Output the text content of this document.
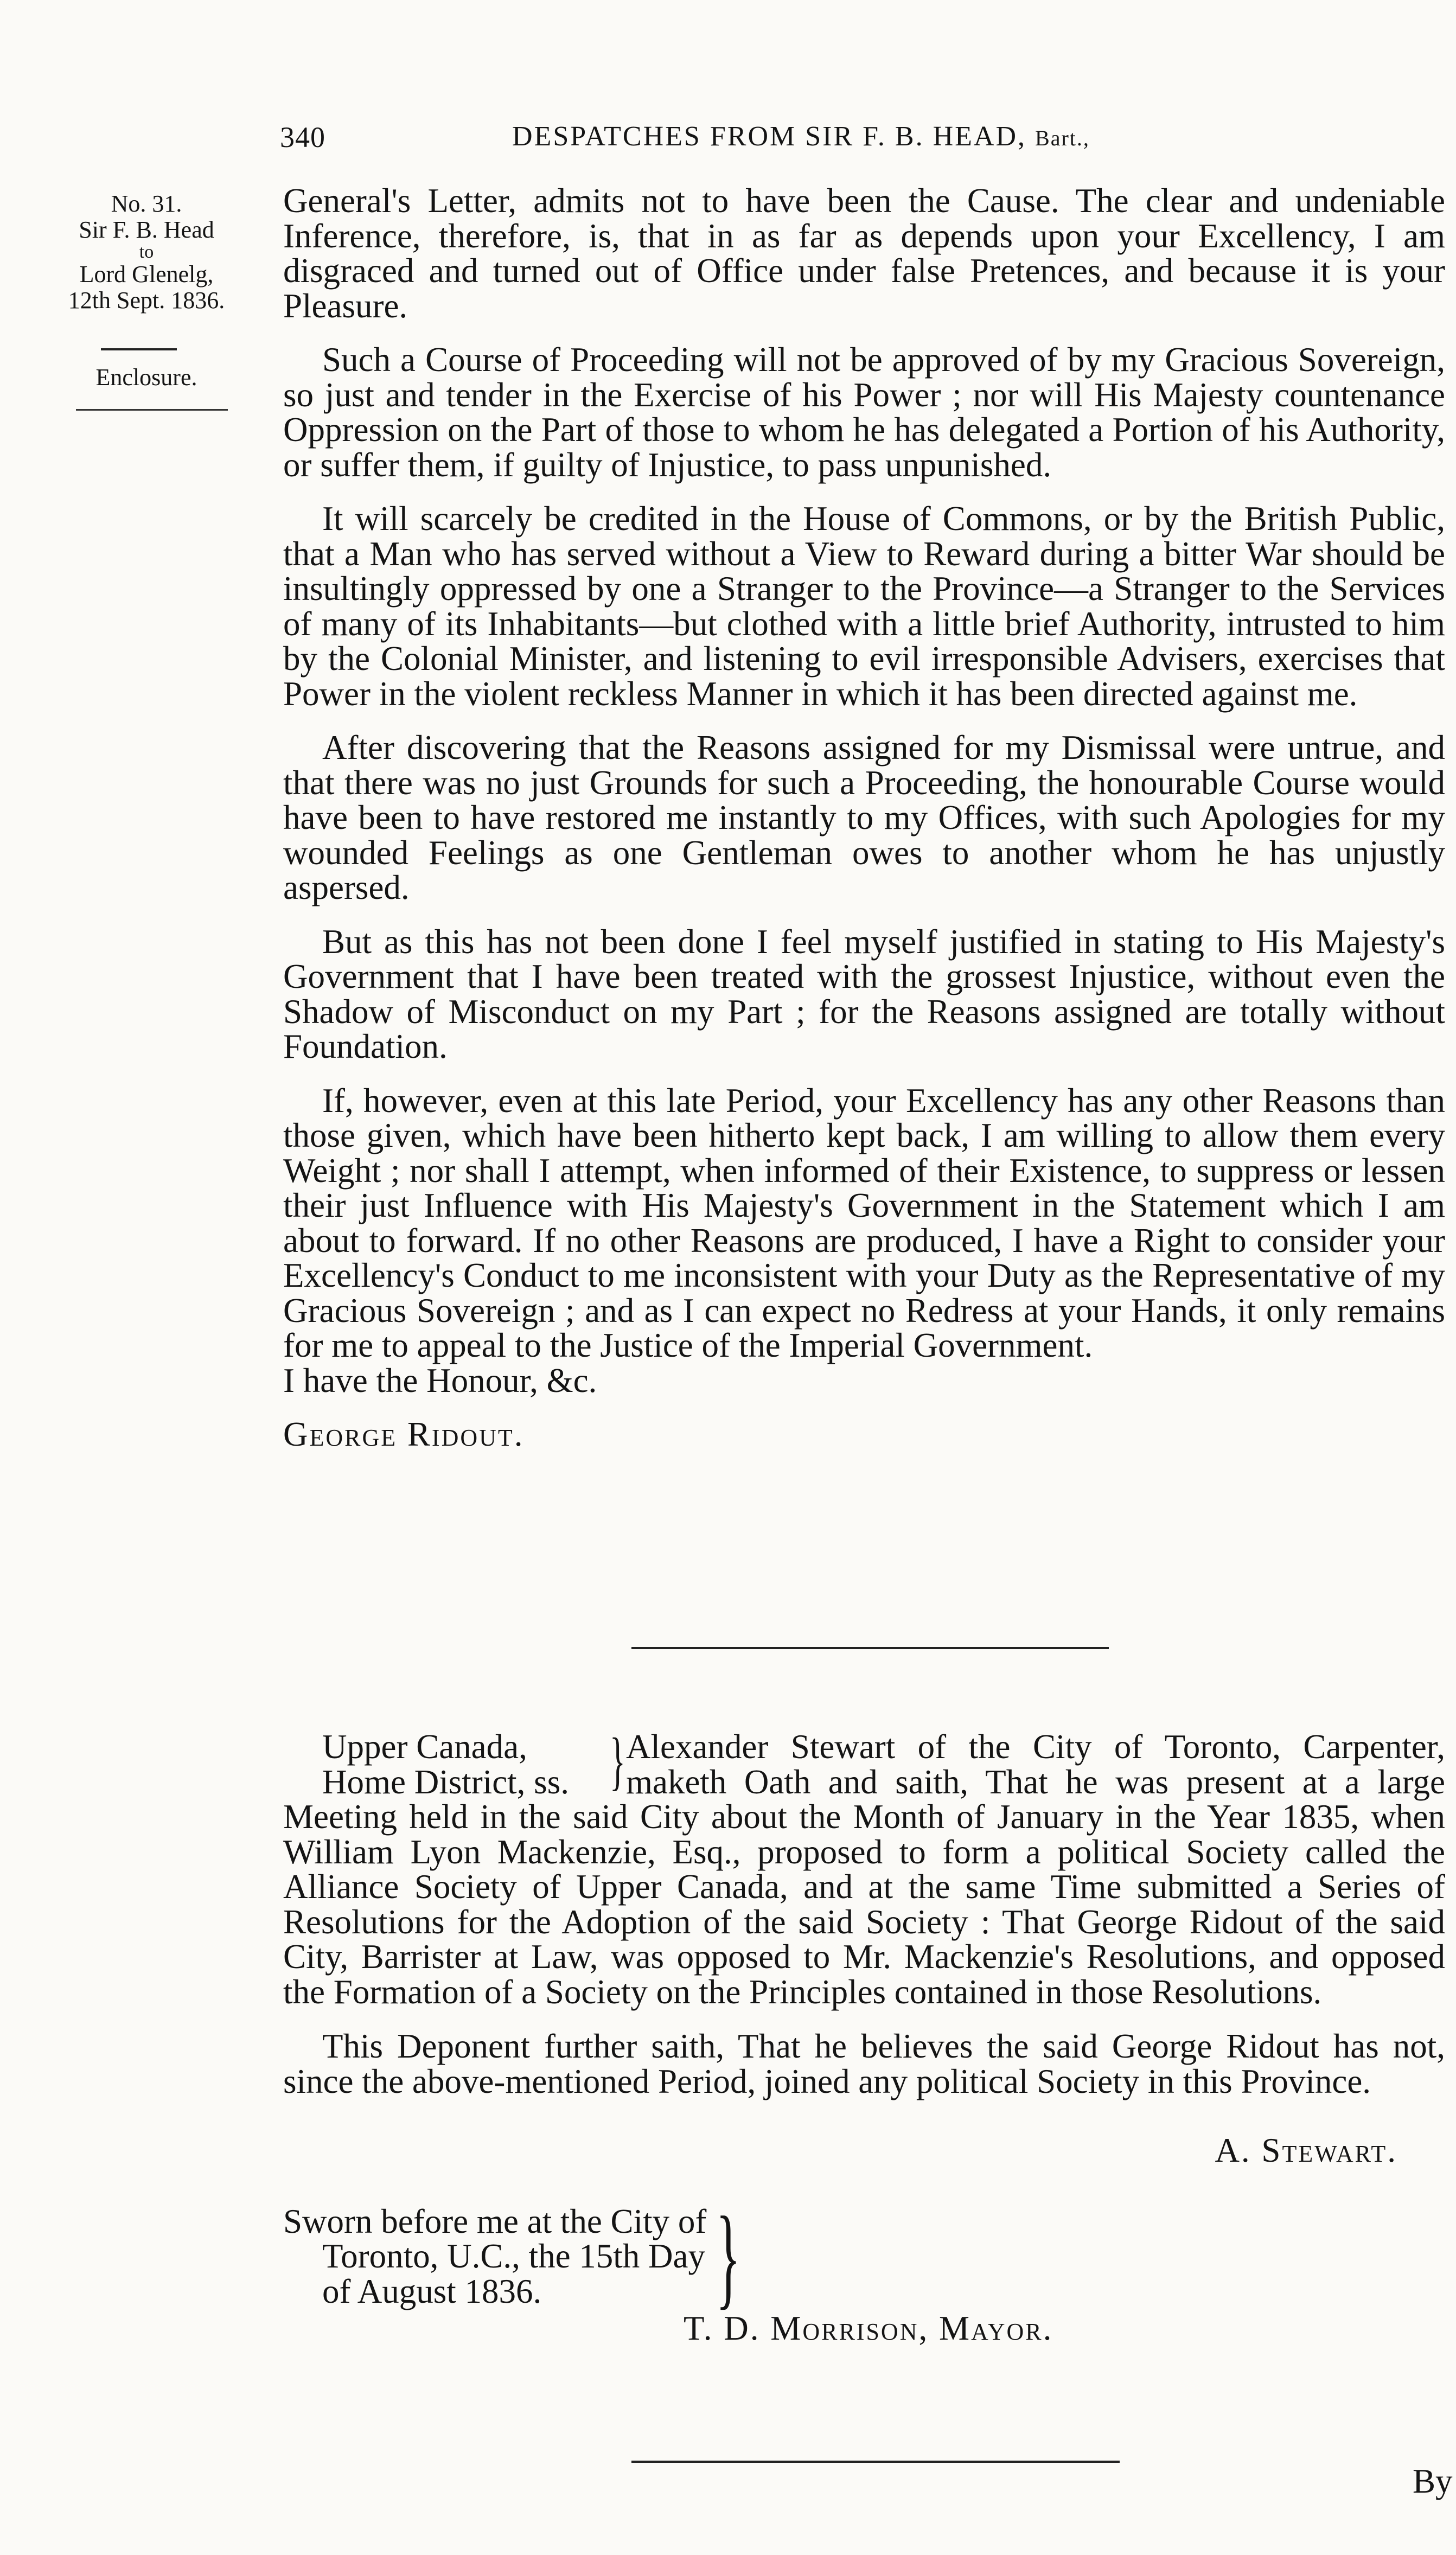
340	DESPATCHES FROM SIR F. B. HEAD, Bart.,
No. 31.
Sir F. B. Head
to
Lord Glenelg,
12th Sept. 1836.
Enclosure.

General's Letter, admits not to have been the Cause. The clear and undeniable Inference, therefore, is, that in as far as depends upon your Excellency, I am disgraced and turned out of Office under false Pretences, and because it is your Pleasure.

Such a Course of Proceeding will not be approved of by my Gracious Sovereign, so just and tender in the Exercise of his Power ; nor will His Majesty countenance Oppression on the Part of those to whom he has delegated a Portion of his Authority, or suffer them, if guilty of Injustice, to pass unpunished.

It will scarcely be credited in the House of Commons, or by the British Public, that a Man who has served without a View to Reward during a bitter War should be insultingly oppressed by one a Stranger to the Province—a Stranger to the Services of many of its Inhabitants—but clothed with a little brief Authority, intrusted to him by the Colonial Minister, and listening to evil irresponsible Advisers, exercises that Power in the violent reckless Manner in which it has been directed against me.

After discovering that the Reasons assigned for my Dismissal were untrue, and that there was no just Grounds for such a Proceeding, the honourable Course would have been to have restored me instantly to my Offices, with such Apologies for my wounded Feelings as one Gentleman owes to another whom he has unjustly aspersed.

But as this has not been done I feel myself justified in stating to His Majesty's Government that I have been treated with the grossest Injustice, without even the Shadow of Misconduct on my Part ; for the Reasons assigned are totally without Foundation.

If, however, even at this late Period, your Excellency has any other Reasons than those given, which have been hitherto kept back, I am willing to allow them every Weight ; nor shall I attempt, when informed of their Existence, to suppress or lessen their just Influence with His Majesty's Government in the Statement which I am about to forward. If no other Reasons are produced, I have a Right to consider your Excellency's Conduct to me inconsistent with your Duty as the Representative of my Gracious Sovereign ; and as I can expect no Redress at your Hands, it only remains for me to appeal to the Justice of the Imperial Government.

I have the Honour, &c.

George Ridout.

Upper Canada,
Home District, ss. } Alexander Stewart of the City of Toronto, Carpenter,
maketh Oath and saith, That he was present at a large

Meeting held in the said City about the Month of January in the Year 1835, when William Lyon Mackenzie, Esq., proposed to form a political Society called the Alliance Society of Upper Canada, and at the same Time submitted a Series of Resolutions for the Adoption of the said Society : That George Ridout of the said City, Barrister at Law, was opposed to Mr. Mackenzie's Resolutions, and opposed the Formation of a Society on the Principles contained in those Resolutions.

This Deponent further saith, That he believes the said George Ridout has not, since the above-mentioned Period, joined any political Society in this Province.

A. Stewart.

Sworn before me at the City of
Toronto, U.C., the 15th Day
of August 1836.	}

T. D. Morrison, Mayor.

By
